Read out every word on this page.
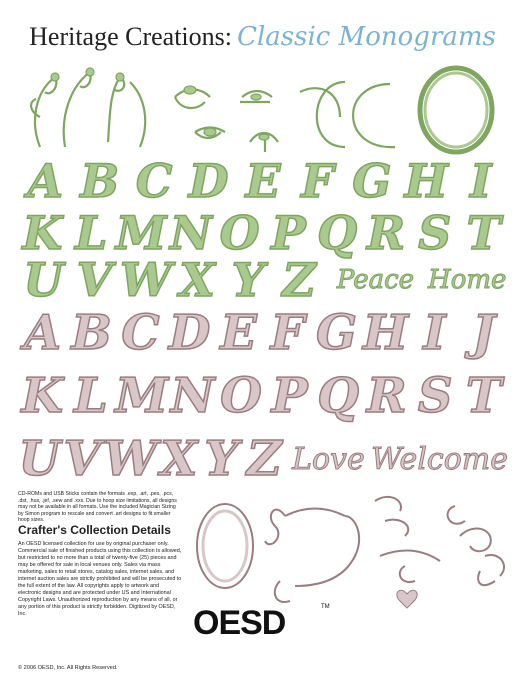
Heritage Creations: Classic Monograms
A B C D E F G H I
K L M N O P Q R S T
U V W X Y Z Peace Home
A B C D E F G H I J
K L M N O P Q R S T
U V W X Y Z Love Welcome
CD-ROMs and USB Sticks contain the formats .exp, .art, .pes, .pcs, .dst, .hus, .jef, .sew and .xxx. Due to hoop size limitations, all designs may not be available in all formats. Use the included Magician Sizing by Simon program to rescale and convert .art designs to fit smaller hoop sizes.
Crafter's Collection Details
An OESD licensed collection for use by original purchaser only. Commercial sale of finished products using this collection is allowed, but restricted to no more than a total of twenty-five (25) pieces and may be offered for sale in local venues only. Sales via mass marketing, sales to retail stores, catalog sales, internet sales, and internet auction sales are strictly prohibited and will be prosecuted to the full extent of the law. All copyrights apply to artwork and electronic designs and are protected under US and International Copyright Laws. Unauthorized reproduction by any means of all, or any portion of this product is strictly forbidden. Digitized by OESD, Inc.
© 2006 OESD, Inc. All Rights Reserved.
OESD	TM
